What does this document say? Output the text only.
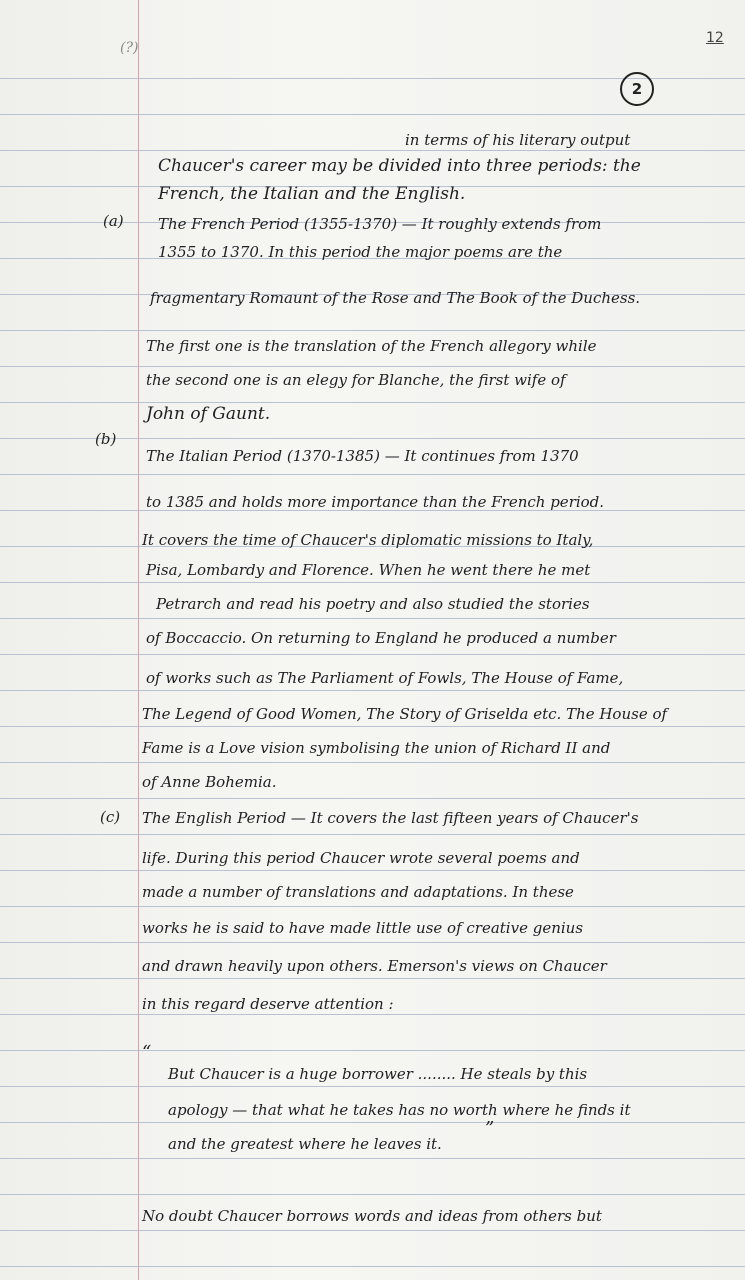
(?)
12
2
(a)
(b)
(c)
“
”
in terms of his literary output
Chaucer's career may be divided into three periods: the
French, the Italian and the English.
The French Period (1355-1370) — It roughly extends from
1355 to 1370. In this period the major poems are the
fragmentary Romaunt of the Rose and The Book of the Duchess.
The first one is the translation of the French allegory while
the second one is an elegy for Blanche, the first wife of
John of Gaunt.
The Italian Period (1370-1385) — It continues from 1370
to 1385 and holds more importance than the French period.
It covers the time of Chaucer's diplomatic missions to Italy,
Pisa, Lombardy and Florence. When he went there he met
Petrarch and read his poetry and also studied the stories
of Boccaccio. On returning to England he produced a number
of works such as The Parliament of Fowls, The House of Fame,
The Legend of Good Women, The Story of Griselda etc. The House of
Fame is a Love vision symbolising the union of Richard II and
of Anne Bohemia.
The English Period — It covers the last fifteen years of Chaucer's
life. During this period Chaucer wrote several poems and
made a number of translations and adaptations. In these
works he is said to have made little use of creative genius
and drawn heavily upon others. Emerson's views on Chaucer
in this regard deserve attention :
But Chaucer is a huge borrower ........ He steals by this
apology — that what he takes has no worth where he finds it
and the greatest where he leaves it.
No doubt Chaucer borrows words and ideas from others but
